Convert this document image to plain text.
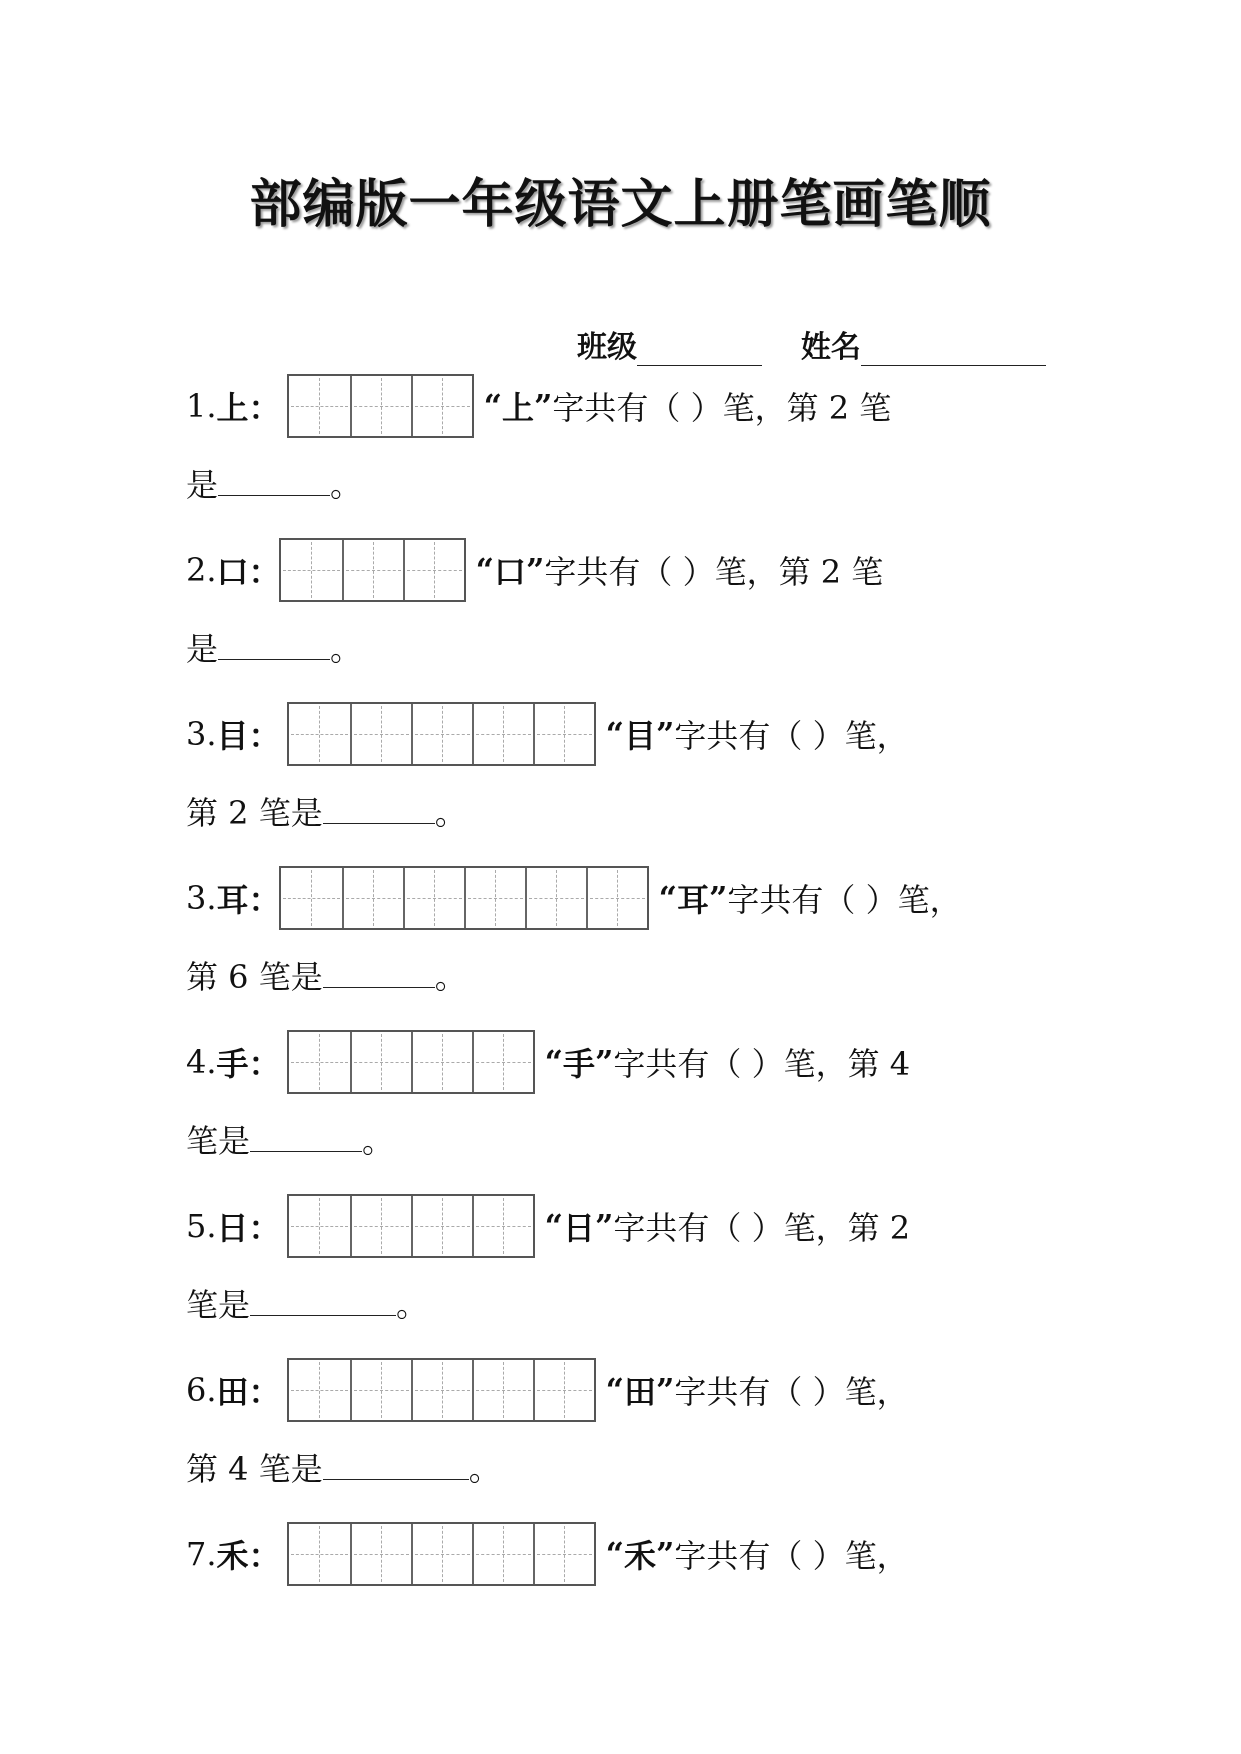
部编版一年级语文上册笔画笔顺
班级	姓名
1. 上 ：	“ 上 ” 字共有（ ）笔，第 2 笔
是	。
2. 口 ：	“ 口 ” 字共有（ ）笔，第 2 笔
是	。
3. 目 ：	“ 目 ” 字共有（ ）笔，
第 2 笔是	。
3. 耳 ：	“ 耳 ” 字共有（ ）笔，
第 6 笔是	。
4. 手 ：	“ 手 ” 字共有（ ）笔，第 4
笔是	。
5. 日 ：	“ 日 ” 字共有（ ）笔，第 2
笔是	。
6. 田 ：	“ 田 ” 字共有（ ）笔，
第 4 笔是	。
7. 禾 ：	“ 禾 ” 字共有（ ）笔，
